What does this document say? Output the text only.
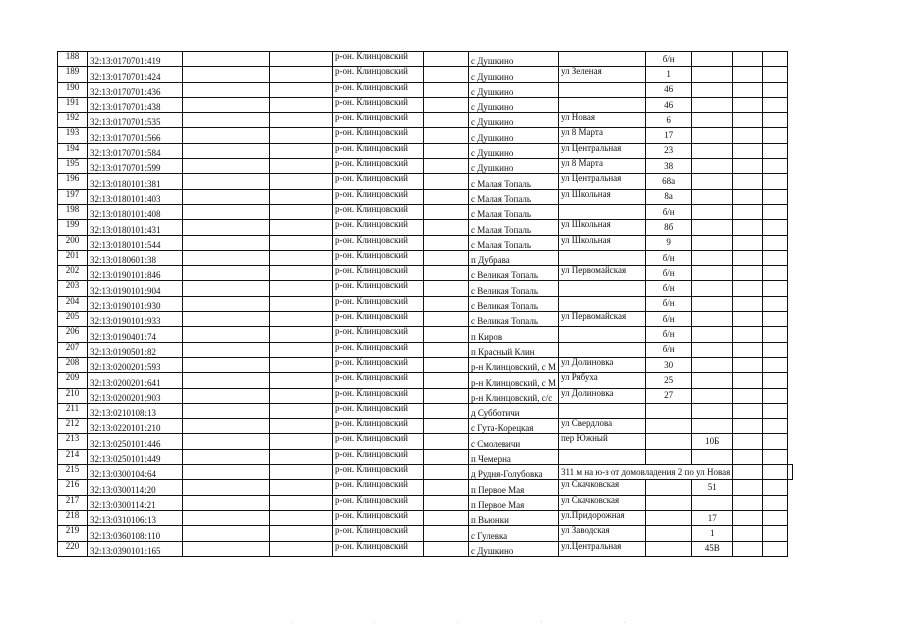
188	32:13:0170701:419			р-он. Клинцовский		с Душкино		б/н				
189	32:13:0170701:424			р-он. Клинцовский		с Душкино	ул Зеленая	1				
190	32:13:0170701:436			р-он. Клинцовский		с Душкино		46				
191	32:13:0170701:438			р-он. Клинцовский		с Душкино		46				
192	32:13:0170701:535			р-он. Клинцовский		с Душкино	ул Новая	6				
193	32:13:0170701:566			р-он. Клинцовский		с Душкино	ул 8 Марта	17				
194	32:13:0170701:584			р-он. Клинцовский		с Душкино	ул Центральная	23				
195	32:13:0170701:599			р-он. Клинцовский		с Душкино	ул 8 Марта	38				
196	32:13:0180101:381			р-он. Клинцовский		с Малая Топаль	ул Центральная	68а				
197	32:13:0180101:403			р-он. Клинцовский		с Малая Топаль	ул Школьная	8а				
198	32:13:0180101:408			р-он. Клинцовский		с Малая Топаль		б/н				
199	32:13:0180101:431			р-он. Клинцовский		с Малая Топаль	ул Школьная	8б				
200	32:13:0180101:544			р-он. Клинцовский		с Малая Топаль	ул Школьная	9				
201	32:13:0180601:38			р-он. Клинцовский		п Дубрава		б/н				
202	32:13:0190101:846			р-он. Клинцовский		с Великая Топаль	ул Первомайская	б/н				
203	32:13:0190101:904			р-он. Клинцовский		с Великая Топаль		б/н				
204	32:13:0190101:930			р-он. Клинцовский		с Великая Топаль		б/н				
205	32:13:0190101:933			р-он. Клинцовский		с Великая Топаль	ул Первомайская	б/н				
206	32:13:0190401:74			р-он. Клинцовский		п Киров		б/н				
207	32:13:0190501:82			р-он. Клинцовский		п Красный Клин		б/н				
208	32:13:0200201:593			р-он. Клинцовский		р-н Клинцовский, с М	ул Долиновка	30				
209	32:13:0200201:641			р-он. Клинцовский		р-н Клинцовский, с М	ул Рябуха	25				
210	32:13:0200201:903			р-он. Клинцовский		р-н Клинцовский, с/с	ул Долиновка	27				
211	32:13:0210108:13			р-он. Клинцовский		д Субботичи						
212	32:13:0220101:210			р-он. Клинцовский		с Гута-Корецкая	ул Свердлова					
213	32:13:0250101:446			р-он. Клинцовский		с Смолевичи	пер Южный		10Б			
214	32:13:0250101:449			р-он. Клинцовский		п Чемерна						
215	32:13:0300104:64			р-он. Клинцовский		д Рудня-Голубовка	311 м на ю-з от домовладения 2 по ул Новая					
216	32:13:0300114:20			р-он. Клинцовский		п Первое Мая	ул Скачковская		51			
217	32:13:0300114:21			р-он. Клинцовский		п Первое Мая	ул Скачковская					
218	32:13:0310106:13			р-он. Клинцовский		п Вьюнки	ул.Придорожная		17			
219	32:13:0360108:110			р-он. Клинцовский		с Гулевка	ул Заводская		1			
220	32:13:0390101:165			р-он. Клинцовский		с Душкино	ул.Центральная		45В			
· · · · ·
